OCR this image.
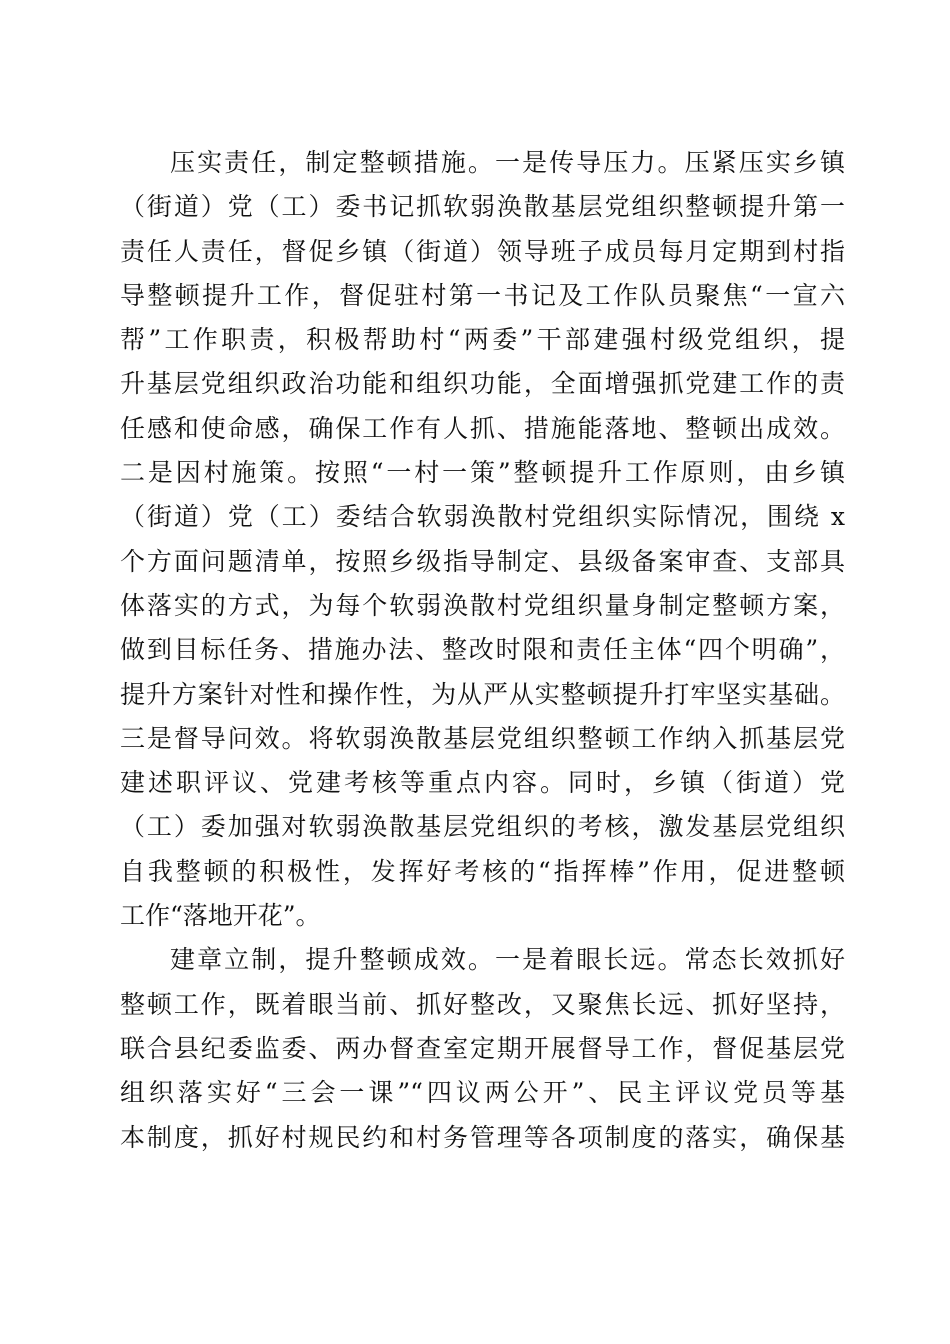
压实责任，制定整顿措施。一是传导压力。压紧压实乡镇
（街道）党（工）委书记抓软弱涣散基层党组织整顿提升第一
责任人责任，督促乡镇（街道）领导班子成员每月定期到村指
导整顿提升工作，督促驻村第一书记及工作队员聚焦“一宣六
帮”工作职责，积极帮助村“两委”干部建强村级党组织，提
升基层党组织政治功能和组织功能，全面增强抓党建工作的责
任感和使命感，确保工作有人抓、措施能落地、整顿出成效。
二是因村施策。按照“一村一策”整顿提升工作原则，由乡镇
（街道）党（工）委结合软弱涣散村党组织实际情况，围绕 x
个方面问题清单，按照乡级指导制定、县级备案审查、支部具
体落实的方式，为每个软弱涣散村党组织量身制定整顿方案，
做到目标任务、措施办法、整改时限和责任主体“四个明确”，
提升方案针对性和操作性，为从严从实整顿提升打牢坚实基础。
三是督导问效。将软弱涣散基层党组织整顿工作纳入抓基层党
建述职评议、党建考核等重点内容。同时，乡镇（街道）党
（工）委加强对软弱涣散基层党组织的考核，激发基层党组织
自我整顿的积极性，发挥好考核的“指挥棒”作用，促进整顿
工作“落地开花”。
建章立制，提升整顿成效。一是着眼长远。常态长效抓好
整顿工作，既着眼当前、抓好整改，又聚焦长远、抓好坚持，
联合县纪委监委、两办督查室定期开展督导工作，督促基层党
组织落实好“三会一课”“四议两公开”、民主评议党员等基
本制度，抓好村规民约和村务管理等各项制度的落实，确保基
